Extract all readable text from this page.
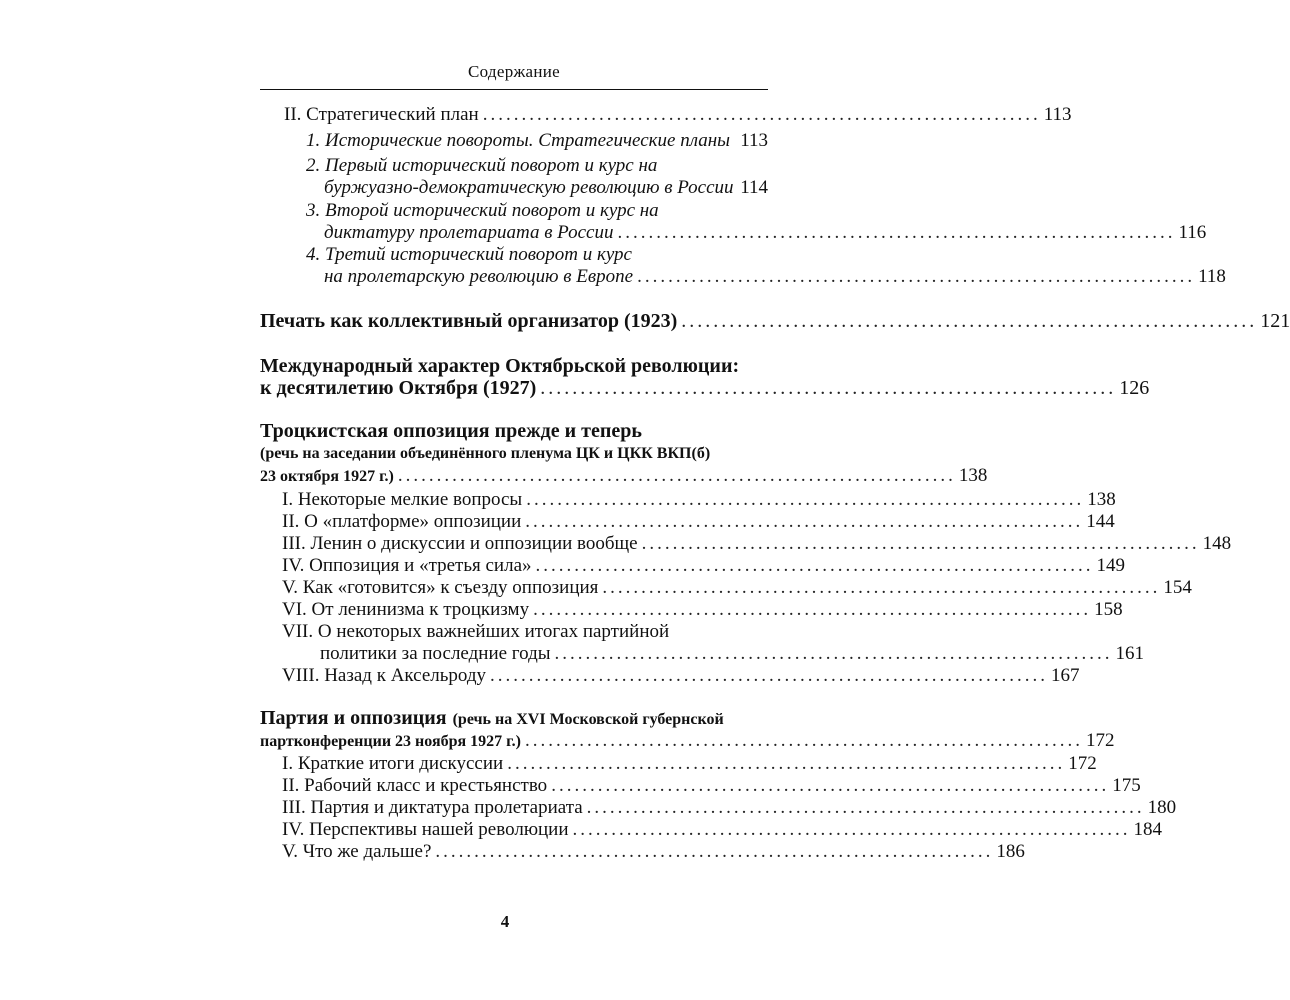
Содержание
II. Стратегический план ........................................................................ 113
1. Исторические повороты. Стратегические планы 113
2. Первый исторический поворот и курс на
буржуазно-демократическую революцию в России 114
3. Второй исторический поворот и курс на
диктатуру пролетариата в России ........................................................................ 116
4. Третий исторический поворот и курс
на пролетарскую революцию в Европе ........................................................................ 118
Печать как коллективный организатор (1923) ........................................................................ 121
Международный характер Октябрьской революции:
к десятилетию Октября (1927) ........................................................................ 126
Троцкистская оппозиция прежде и теперь
(речь на заседании объединённого пленума ЦК и ЦКК ВКП(б)
23 октября 1927 г.) ........................................................................ 138
I. Некоторые мелкие вопросы ........................................................................ 138
II. О «платформе» оппозиции ........................................................................ 144
III. Ленин о дискуссии и оппозиции вообще ........................................................................ 148
IV. Оппозиция и «третья сила» ........................................................................ 149
V. Как «готовится» к съезду оппозиция ........................................................................ 154
VI. От ленинизма к троцкизму ........................................................................ 158
VII. О некоторых важнейших итогах партийной
политики за последние годы ........................................................................ 161
VIII. Назад к Аксельроду ........................................................................ 167
Партия и оппозиция (речь на XVI Московской губернской
партконференции 23 ноября 1927 г.) ........................................................................ 172
I. Краткие итоги дискуссии ........................................................................ 172
II. Рабочий класс и крестьянство ........................................................................ 175
III. Партия и диктатура пролетариата ........................................................................ 180
IV. Перспективы нашей революции ........................................................................ 184
V. Что же дальше? ........................................................................ 186
4
